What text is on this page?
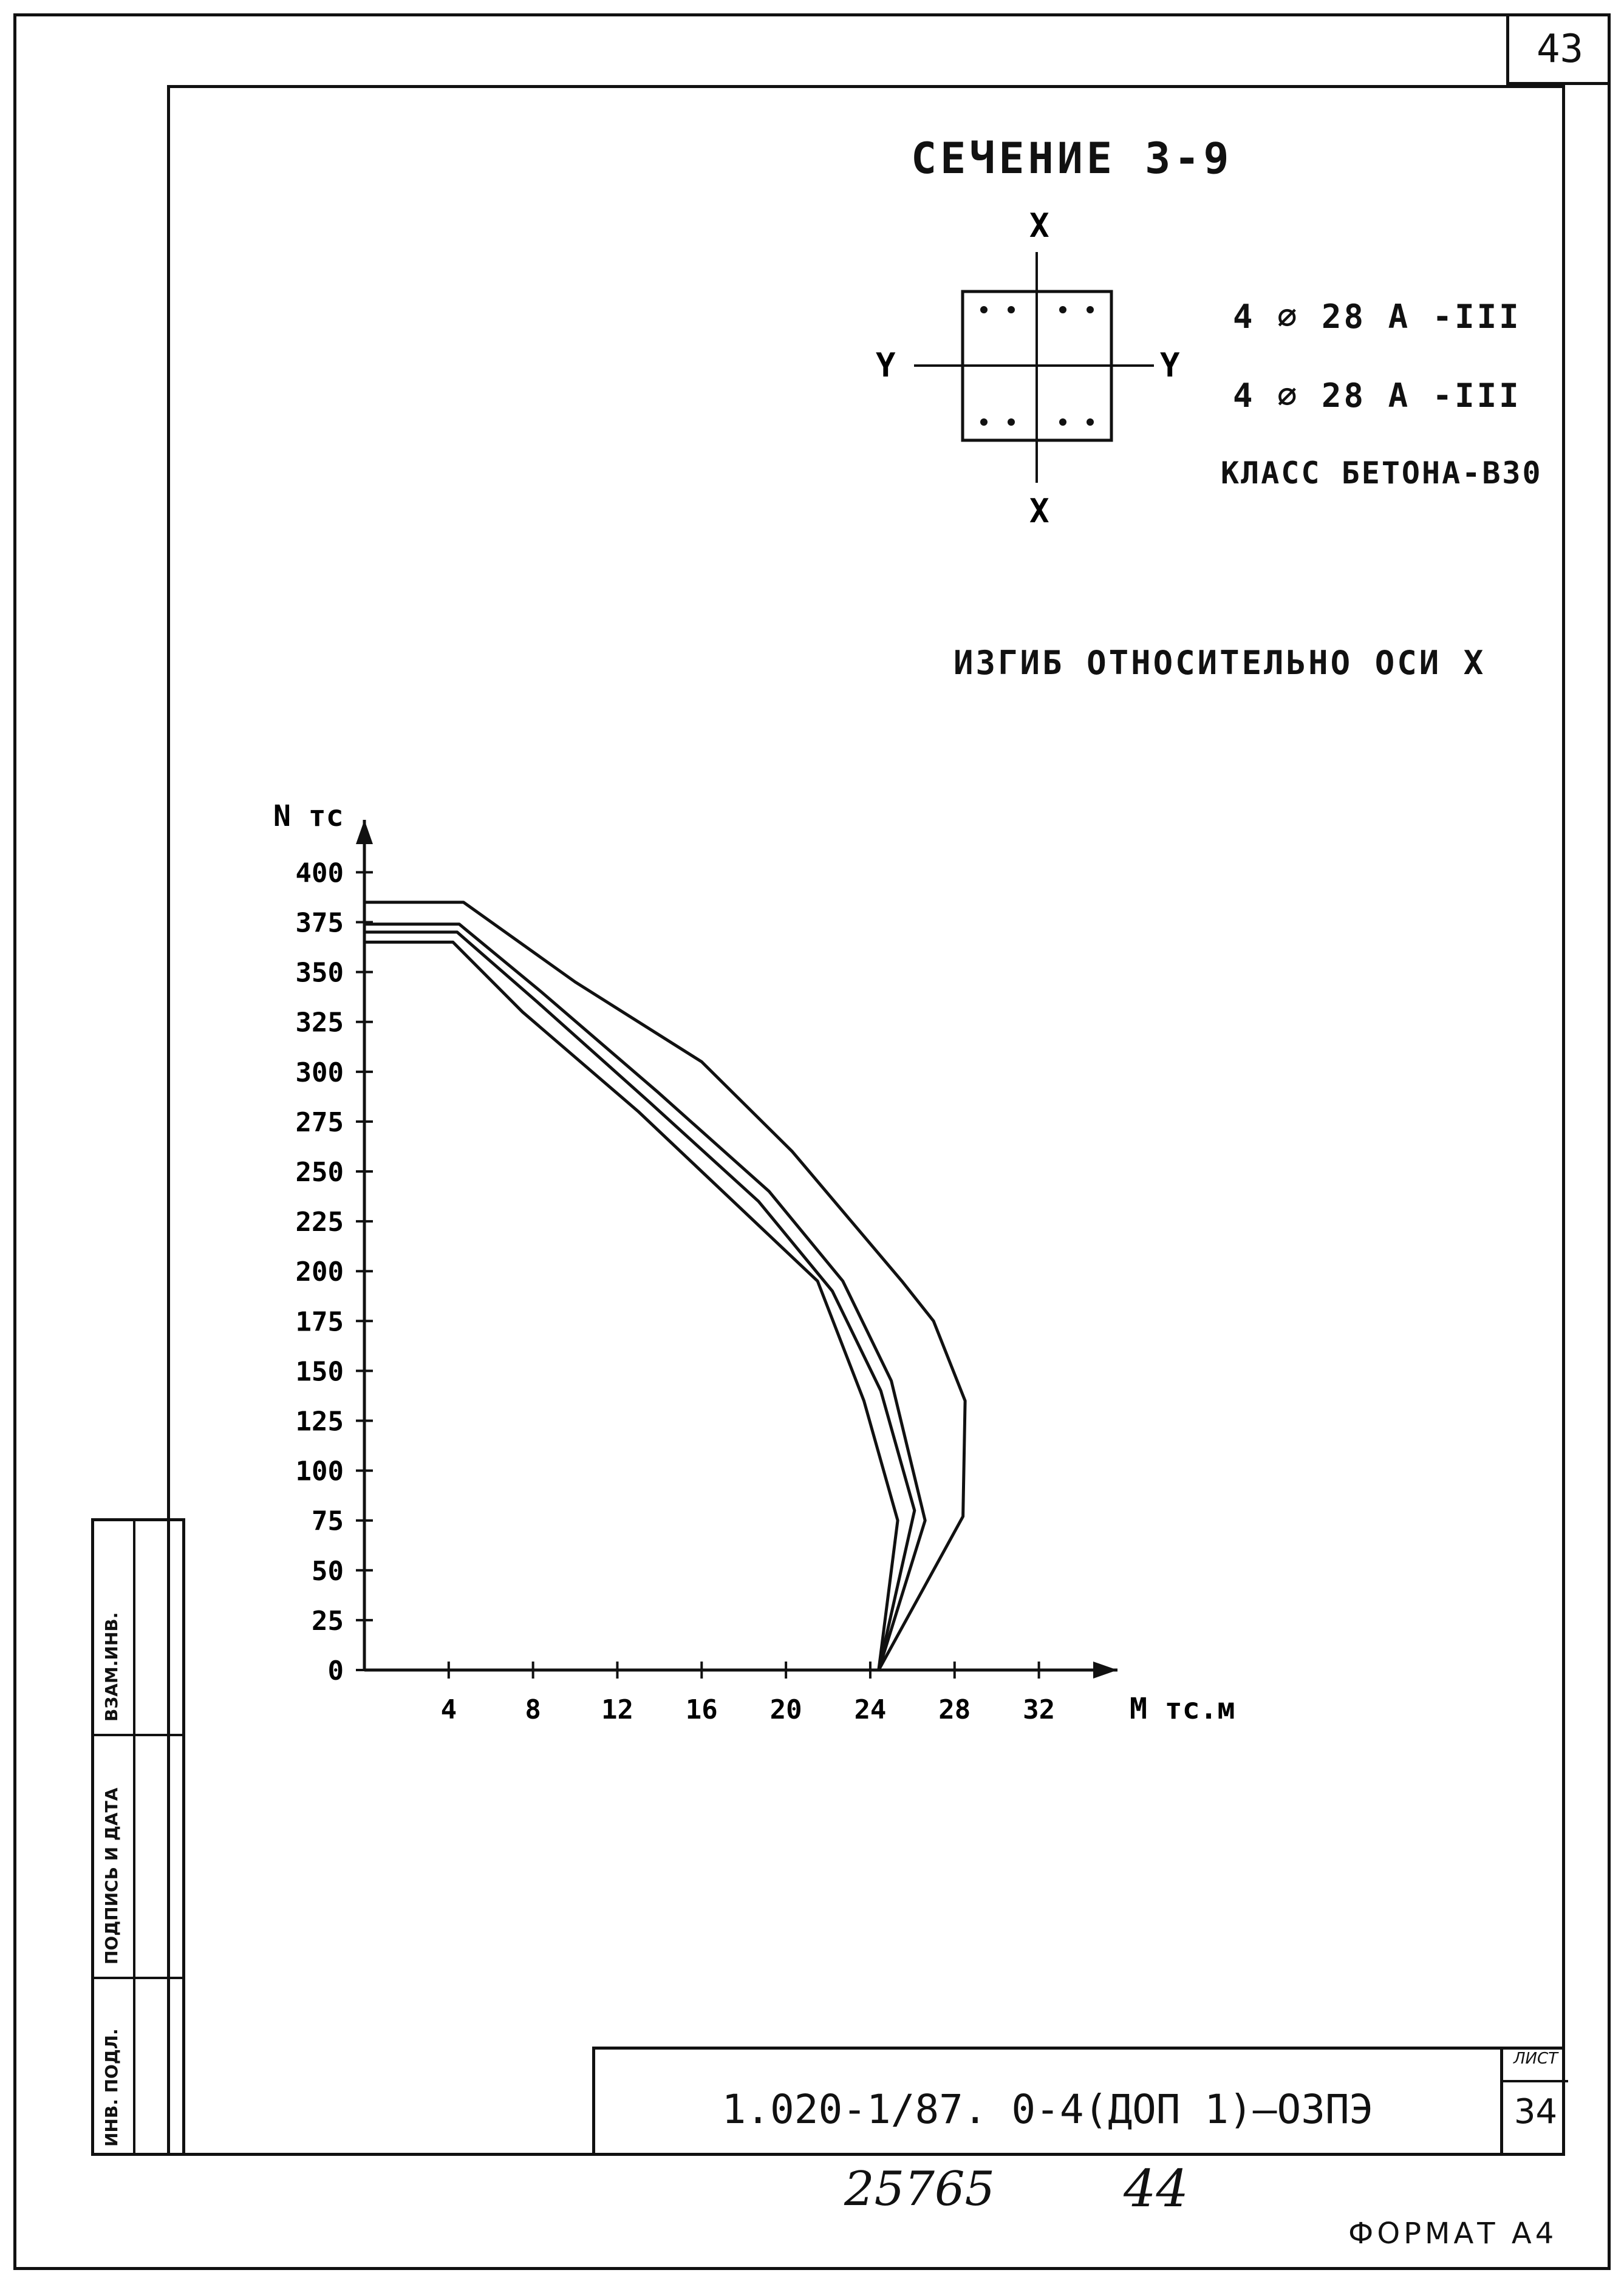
43
СЕЧЕНИЕ 3-9
X
X
Y	Y
4 ⌀ 28 A -III
4 ⌀ 28 A -III
КЛАСС БЕТОНА-В30
ИЗГИБ ОТНОСИТЕЛЬНО ОСИ X
0
25
50
75
100
125
150
175
200
225
250
275
300
325
350
375
400
4	8 12 16 20 24 28 32
N тс
M тс.м
ВЗАМ.ИНВ.
ПОДПИСЬ И ДАТА
ИНВ. ПОДЛ.	1.020-1/87. 0-4(ДОП 1)—ОЗПЭ
ЛИСТ
34
25765	44
ФОРМАТ А4
